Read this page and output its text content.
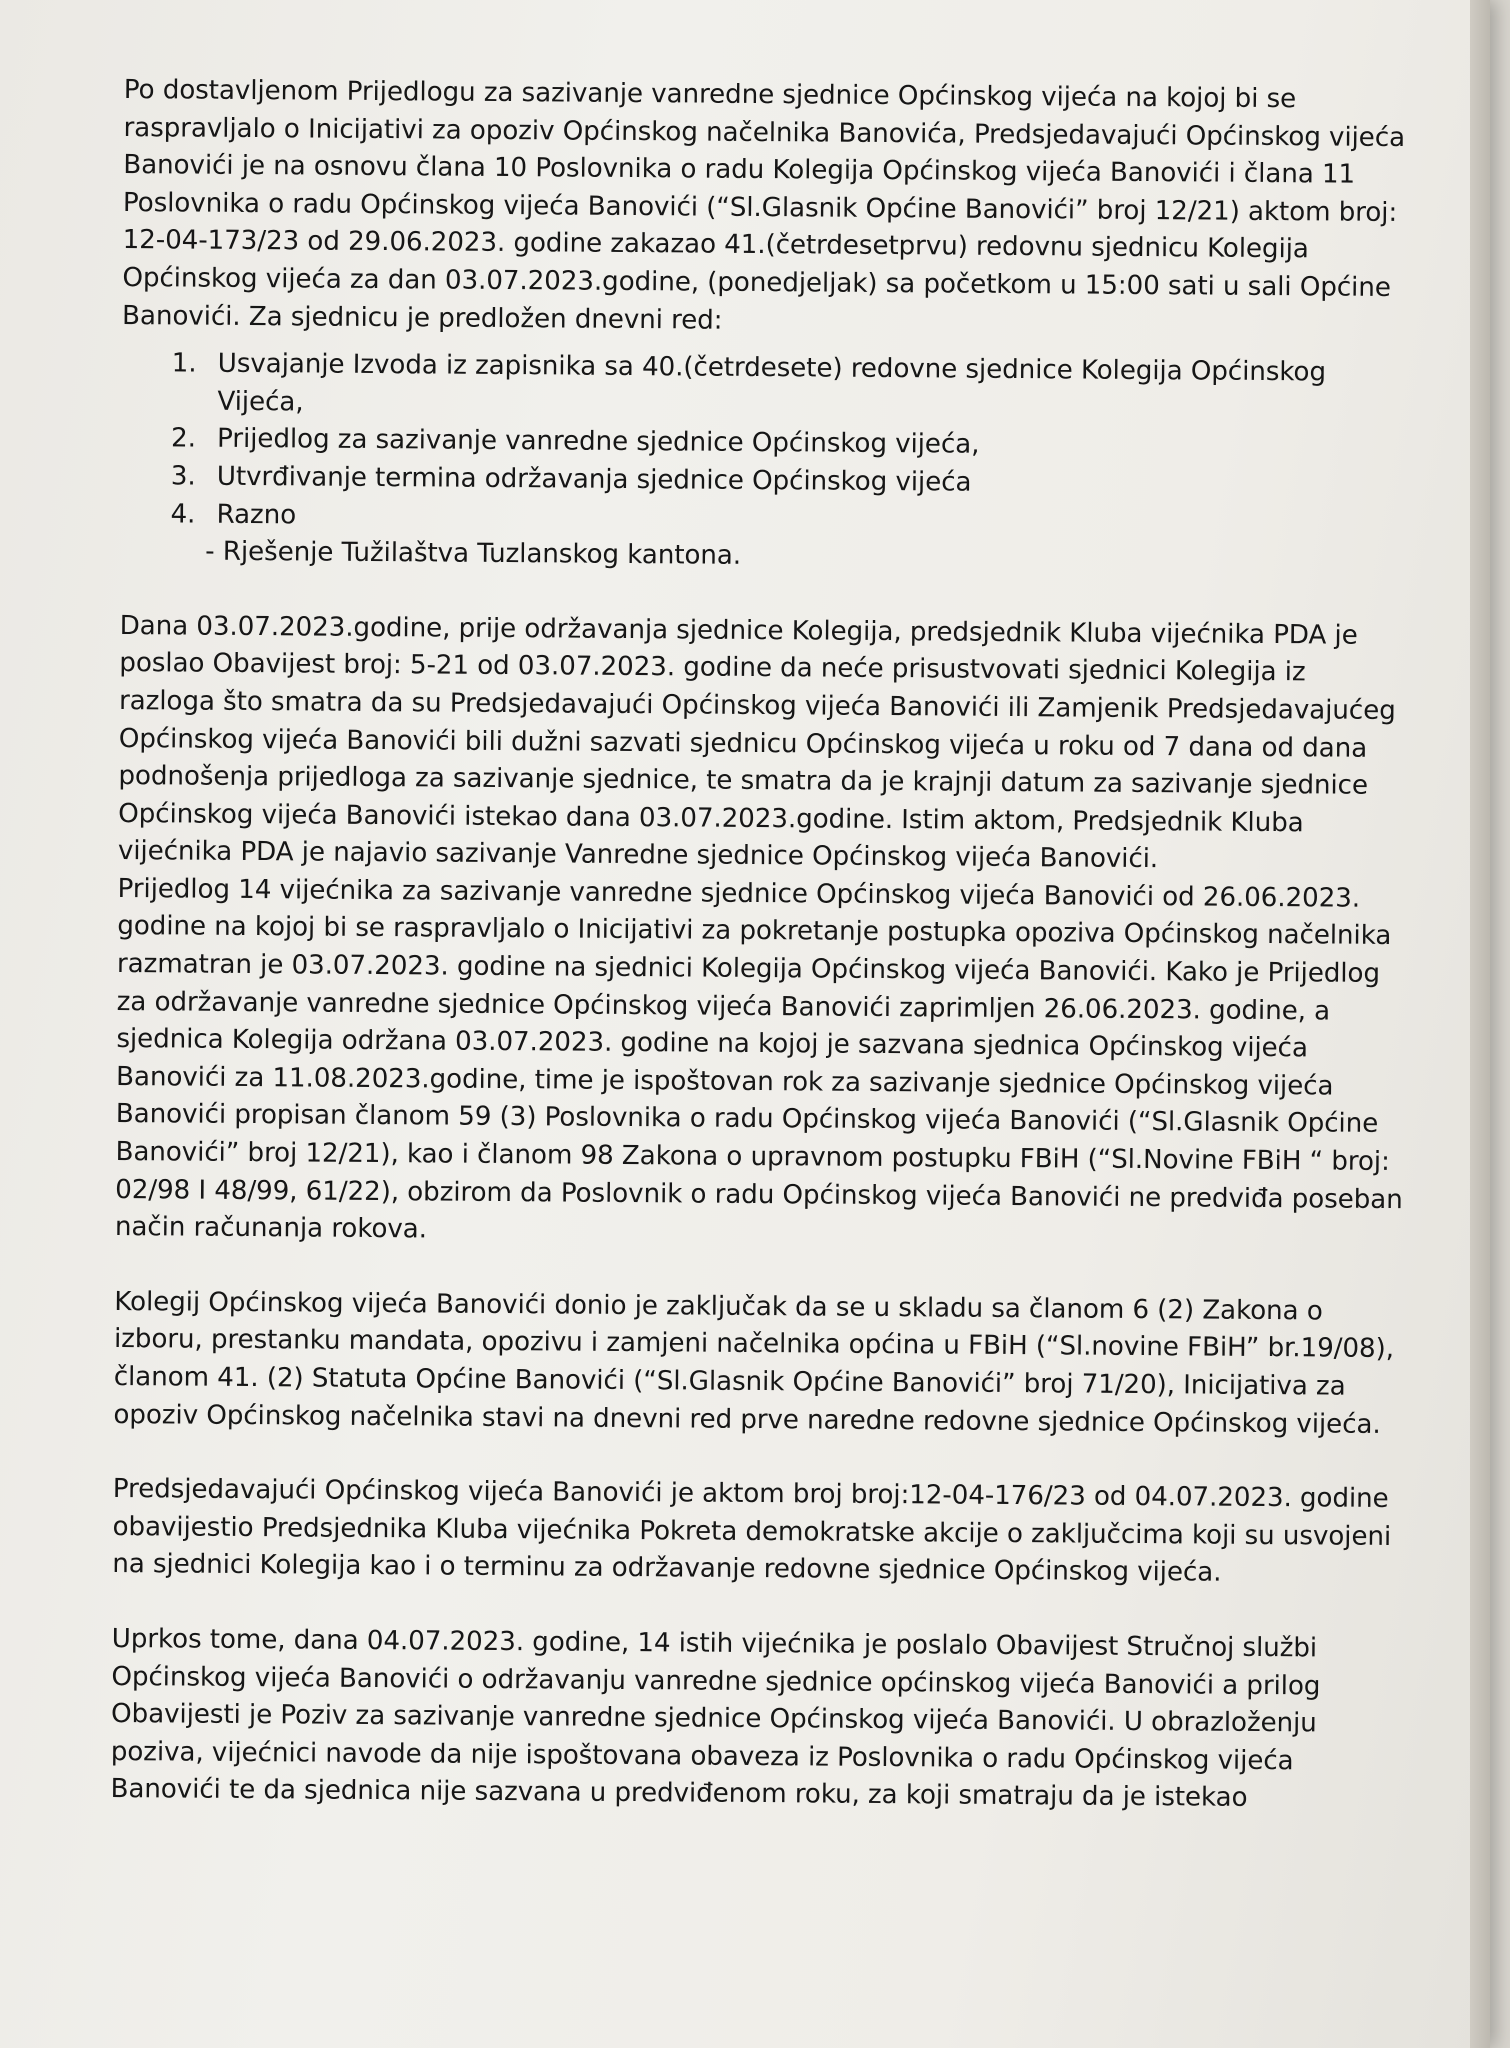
Po dostavljenom Prijedlogu za sazivanje vanredne sjednice Općinskog vijeća na kojoj bi se raspravljalo o Inicijativi za opoziv Općinskog načelnika Banovića, Predsjedavajući Općinskog vijeća Banovići je na osnovu člana 10 Poslovnika o radu Kolegija Općinskog vijeća Banovići i člana 11 Poslovnika o radu Općinskog vijeća Banovići (“Sl.Glasnik Općine Banovići” broj 12/21) aktom broj: 12-04-173/23 od 29.06.2023. godine zakazao 41.(četrdesetprvu) redovnu sjednicu Kolegija Općinskog vijeća za dan 03.07.2023.godine, (ponedjeljak) sa početkom u 15:00 sati u sali Općine Banovići. Za sjednicu je predložen dnevni red:

1. Usvajanje Izvoda iz zapisnika sa 40.(četrdesete) redovne sjednice Kolegija Općinskog Vijeća,
2. Prijedlog za sazivanje vanredne sjednice Općinskog vijeća,
3. Utvrđivanje termina održavanja sjednice Općinskog vijeća
4. Razno
- Rješenje Tužilaštva Tuzlanskog kantona.

Dana 03.07.2023.godine, prije održavanja sjednice Kolegija, predsjednik Kluba vijećnika PDA je poslao Obavijest broj: 5-21 od 03.07.2023. godine da neće prisustvovati sjednici Kolegija iz razloga što smatra da su Predsjedavajući Općinskog vijeća Banovići ili Zamjenik Predsjedavajućeg Općinskog vijeća Banovići bili dužni sazvati sjednicu Općinskog vijeća u roku od 7 dana od dana podnošenja prijedloga za sazivanje sjednice, te smatra da je krajnji datum za sazivanje sjednice Općinskog vijeća Banovići istekao dana 03.07.2023.godine. Istim aktom, Predsjednik Kluba vijećnika PDA je najavio sazivanje Vanredne sjednice Općinskog vijeća Banovići.

Prijedlog 14 vijećnika za sazivanje vanredne sjednice Općinskog vijeća Banovići od 26.06.2023. godine na kojoj bi se raspravljalo o Inicijativi za pokretanje postupka opoziva Općinskog načelnika razmatran je 03.07.2023. godine na sjednici Kolegija Općinskog vijeća Banovići. Kako je Prijedlog za održavanje vanredne sjednice Općinskog vijeća Banovići zaprimljen 26.06.2023. godine, a sjednica Kolegija održana 03.07.2023. godine na kojoj je sazvana sjednica Općinskog vijeća Banovići za 11.08.2023.godine, time je ispoštovan rok za sazivanje sjednice Općinskog vijeća Banovići propisan članom 59 (3) Poslovnika o radu Općinskog vijeća Banovići (“Sl.Glasnik Općine Banovići” broj 12/21), kao i članom 98 Zakona o upravnom postupku FBiH (“Sl.Novine FBiH “ broj: 02/98 I 48/99, 61/22), obzirom da Poslovnik o radu Općinskog vijeća Banovići ne predviđa poseban način računanja rokova.

Kolegij Općinskog vijeća Banovići donio je zaključak da se u skladu sa članom 6 (2) Zakona o izboru, prestanku mandata, opozivu i zamjeni načelnika općina u FBiH (“Sl.novine FBiH” br.19/08), članom 41. (2) Statuta Općine Banovići (“Sl.Glasnik Općine Banovići” broj 71/20), Inicijativa za opoziv Općinskog načelnika stavi na dnevni red prve naredne redovne sjednice Općinskog vijeća.

Predsjedavajući Općinskog vijeća Banovići je aktom broj broj:12-04-176/23 od 04.07.2023. godine obavijestio Predsjednika Kluba vijećnika Pokreta demokratske akcije o zaključcima koji su usvojeni na sjednici Kolegija kao i o terminu za održavanje redovne sjednice Općinskog vijeća.

Uprkos tome, dana 04.07.2023. godine, 14 istih vijećnika je poslalo Obavijest Stručnoj službi Općinskog vijeća Banovići o održavanju vanredne sjednice općinskog vijeća Banovići a prilog Obavijesti je Poziv za sazivanje vanredne sjednice Općinskog vijeća Banovići. U obrazloženju poziva, vijećnici navode da nije ispoštovana obaveza iz Poslovnika o radu Općinskog vijeća Banovići te da sjednica nije sazvana u predviđenom roku, za koji smatraju da je istekao
